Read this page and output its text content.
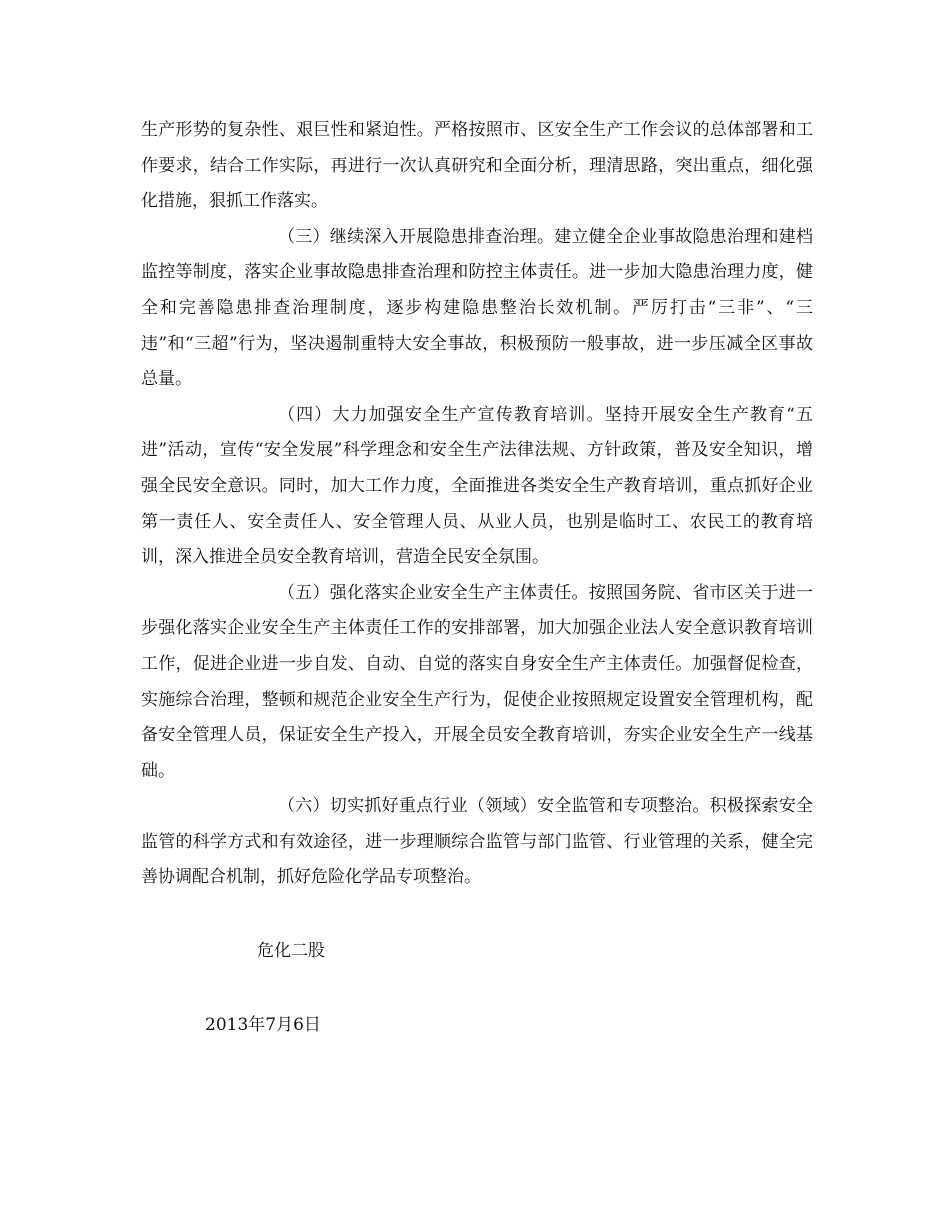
生产形势的复杂性、艰巨性和紧迫性。严格按照市、区安全生产工作会议的总体部署和工作要求，结合工作实际，再进行一次认真研究和全面分析，理清思路，突出重点，细化强化措施，狠抓工作落实。

（三）继续深入开展隐患排查治理。建立健全企业事故隐患治理和建档监控等制度，落实企业事故隐患排查治理和防控主体责任。进一步加大隐患治理力度，健全和完善隐患排查治理制度，逐步构建隐患整治长效机制。严厉打击“三非”、“三违”和“三超”行为，坚决遏制重特大安全事故，积极预防一般事故，进一步压减全区事故总量。

（四）大力加强安全生产宣传教育培训。坚持开展安全生产教育“五进”活动，宣传“安全发展”科学理念和安全生产法律法规、方针政策，普及安全知识，增强全民安全意识。同时，加大工作力度，全面推进各类安全生产教育培训，重点抓好企业第一责任人、安全责任人、安全管理人员、从业人员，也别是临时工、农民工的教育培训，深入推进全员安全教育培训，营造全民安全氛围。

（五）强化落实企业安全生产主体责任。按照国务院、省市区关于进一步强化落实企业安全生产主体责任工作的安排部署，加大加强企业法人安全意识教育培训工作，促进企业进一步自发、自动、自觉的落实自身安全生产主体责任。加强督促检查，实施综合治理，整顿和规范企业安全生产行为，促使企业按照规定设置安全管理机构，配备安全管理人员，保证安全生产投入，开展全员安全教育培训，夯实企业安全生产一线基础。

（六）切实抓好重点行业（领域）安全监管和专项整治。积极探索安全监管的科学方式和有效途径，进一步理顺综合监管与部门监管、行业管理的关系，健全完善协调配合机制，抓好危险化学品专项整治。

危化二股

2013年7月6日
